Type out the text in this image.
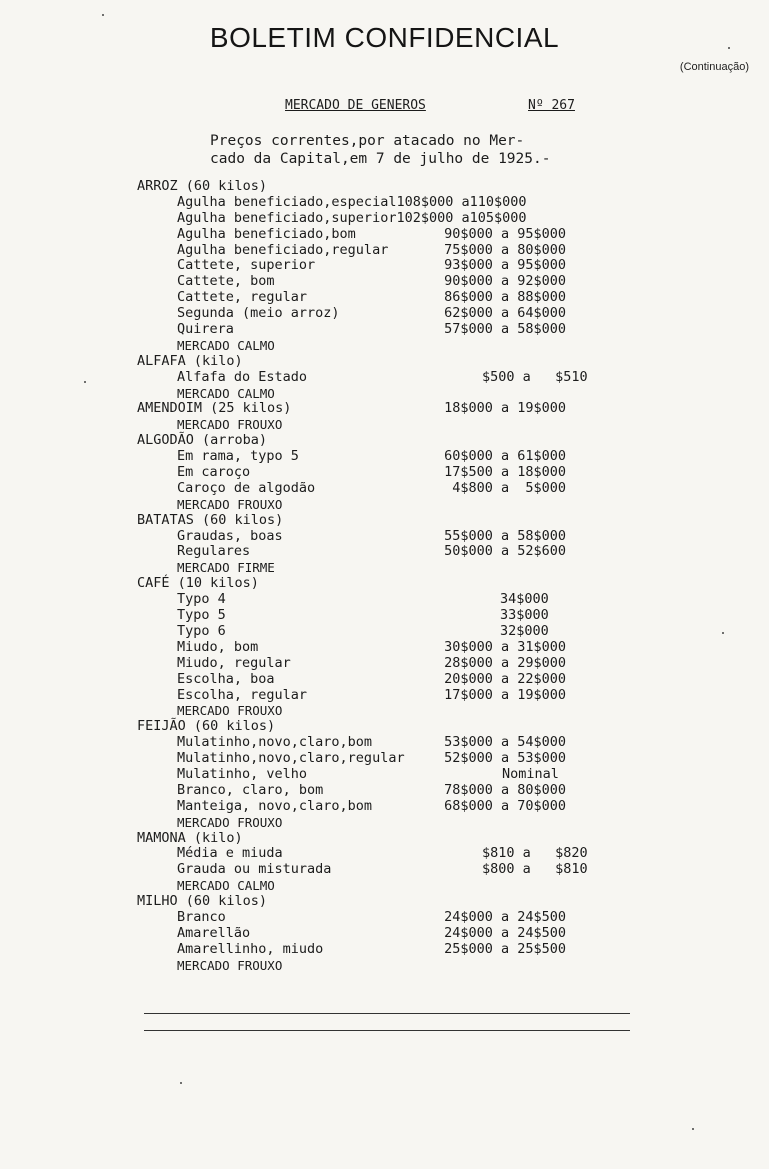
BOLETIM CONFIDENCIAL
(Continuação)
MERCADO DE GENEROS	Nº 267
Preços correntes,por atacado no Mer-
cado da Capital,em 7 de julho de 1925.-
ARROZ (60 kilos)
Agulha beneficiado,especial 108$000 a110$000
Agulha beneficiado,superior 102$000 a105$000
Agulha beneficiado,bom	90$000 a 95$000
Agulha beneficiado,regular	75$000 a 80$000
Cattete, superior	93$000 a 95$000
Cattete, bom	90$000 a 92$000
Cattete, regular	86$000 a 88$000
Segunda (meio arroz)	62$000 a 64$000
Quirera	57$000 a 58$000
MERCADO CALMO
ALFAFA (kilo)
Alfafa do Estado	$500 a   $510
MERCADO CALMO
AMENDOIM (25 kilos)	18$000 a 19$000
MERCADO FROUXO
ALGODÃO (arroba)
Em rama, typo 5	60$000 a 61$000
Em caroço	17$500 a 18$000
Caroço de algodão	4$800 a  5$000
MERCADO FROUXO
BATATAS (60 kilos)
Graudas, boas	55$000 a 58$000
Regulares	50$000 a 52$600
MERCADO FIRME
CAFÉ (10 kilos)
Typo 4	34$000
Typo 5	33$000
Typo 6	32$000
Miudo, bom	30$000 a 31$000
Miudo, regular	28$000 a 29$000
Escolha, boa	20$000 a 22$000
Escolha, regular	17$000 a 19$000
MERCADO FROUXO
FEIJÃO (60 kilos)
Mulatinho,novo,claro,bom	53$000 a 54$000
Mulatinho,novo,claro,regular 52$000 a 53$000
Mulatinho, velho	Nominal
Branco, claro, bom	78$000 a 80$000
Manteiga, novo,claro,bom	68$000 a 70$000
MERCADO FROUXO
MAMONA (kilo)
Média e miuda	$810 a   $820
Grauda ou misturada	$800 a   $810
MERCADO CALMO
MILHO (60 kilos)
Branco	24$000 a 24$500
Amarellão	24$000 a 24$500
Amarellinho, miudo	25$000 a 25$500
MERCADO FROUXO
